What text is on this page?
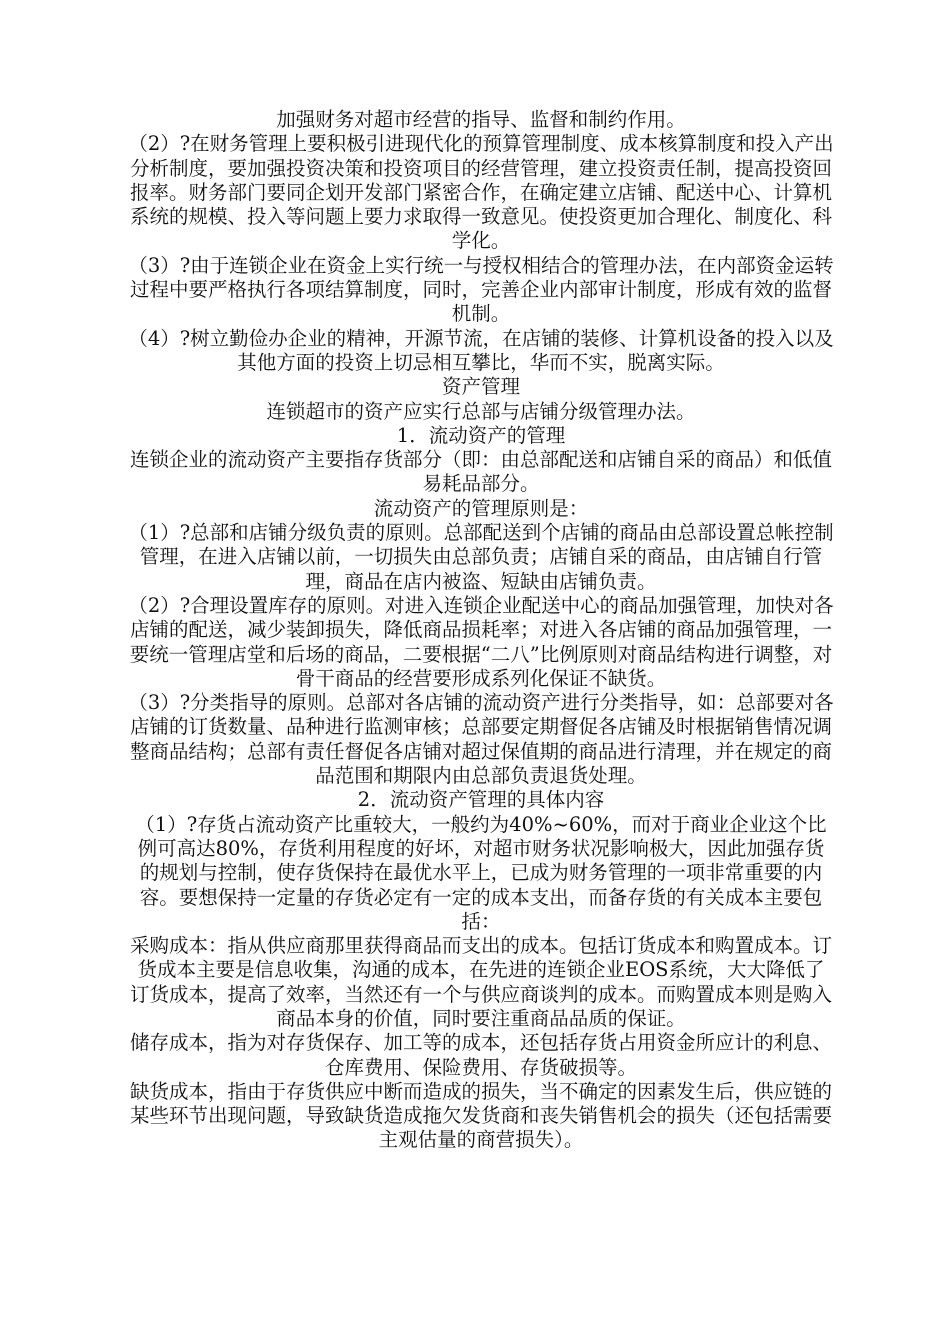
加强财务对超市经营的指导、监督和制约作用。

（2）?在财务管理上要积极引进现代化的预算管理制度、成本核算制度和投入产出分析制度，要加强投资决策和投资项目的经营管理，建立投资责任制，提高投资回报率。财务部门要同企划开发部门紧密合作，在确定建立店铺、配送中心、计算机系统的规模、投入等问题上要力求取得一致意见。使投资更加合理化、制度化、科学化。

（3）?由于连锁企业在资金上实行统一与授权相结合的管理办法，在内部资金运转过程中要严格执行各项结算制度，同时，完善企业内部审计制度，形成有效的监督机制。

（4）?树立勤俭办企业的精神，开源节流，在店铺的装修、计算机设备的投入以及其他方面的投资上切忌相互攀比，华而不实，脱离实际。

资产管理

连锁超市的资产应实行总部与店铺分级管理办法。

1．流动资产的管理

连锁企业的流动资产主要指存货部分（即：由总部配送和店铺自采的商品）和低值易耗品部分。

流动资产的管理原则是：

（1）?总部和店铺分级负责的原则。总部配送到个店铺的商品由总部设置总帐控制管理，在进入店铺以前，一切损失由总部负责；店铺自采的商品，由店铺自行管理，商品在店内被盗、短缺由店铺负责。

（2）?合理设置库存的原则。对进入连锁企业配送中心的商品加强管理，加快对各店铺的配送，减少装卸损失，降低商品损耗率；对进入各店铺的商品加强管理，一要统一管理店堂和后场的商品，二要根据“二八”比例原则对商品结构进行调整，对骨干商品的经营要形成系列化保证不缺货。

（3）?分类指导的原则。总部对各店铺的流动资产进行分类指导，如：总部要对各店铺的订货数量、品种进行监测审核；总部要定期督促各店铺及时根据销售情况调整商品结构；总部有责任督促各店铺对超过保值期的商品进行清理，并在规定的商品范围和期限内由总部负责退货处理。

2．流动资产管理的具体内容

（1）?存货占流动资产比重较大，一般约为40%~60%，而对于商业企业这个比例可高达80%，存货利用程度的好坏，对超市财务状况影响极大，因此加强存货的规划与控制，使存货保持在最优水平上，已成为财务管理的一项非常重要的内容。要想保持一定量的存货必定有一定的成本支出，而备存货的有关成本主要包括：

采购成本：指从供应商那里获得商品而支出的成本。包括订货成本和购置成本。订货成本主要是信息收集，沟通的成本，在先进的连锁企业EOS系统，大大降低了订货成本，提高了效率，当然还有一个与供应商谈判的成本。而购置成本则是购入商品本身的价值，同时要注重商品品质的保证。

储存成本，指为对存货保存、加工等的成本，还包括存货占用资金所应计的利息、仓库费用、保险费用、存货破损等。

缺货成本，指由于存货供应中断而造成的损失，当不确定的因素发生后，供应链的某些环节出现问题，导致缺货造成拖欠发货商和丧失销售机会的损失（还包括需要主观估量的商营损失）。
